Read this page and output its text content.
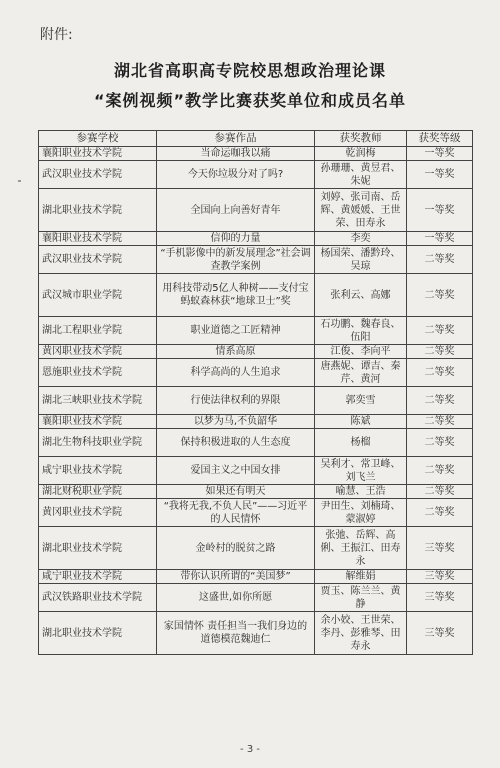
附件:
湖北省高职高专院校思想政治理论课
“案例视频”教学比赛获奖单位和成员名单
参赛学校	参赛作品	获奖教师	获奖等级
襄阳职业技术学院	当命运咖我以痛	乾润梅	一等奖
武汉职业技术学院	今天你垃圾分对了吗?	孙珊珊、黄昱君、朱妮	一等奖
湖北职业技术学院	全国向上向善好青年	刘婷、张司南、岳辉、黄媛媛、王世荣、田寿永	一等奖
襄阳职业技术学院	信仰的力量	李奕	一等奖
武汉职业技术学院	“手机影像中的新发展理念”社会调查教学案例	杨国荣、潘黔玲、吴琼	二等奖
武汉城市职业学院	用科技带动5亿人种树——支付宝蚂蚁森林获“地球卫士”奖	张利云、高娜	二等奖
湖北工程职业学院	职业道德之工匠精神	石功鹏、魏春良、伍阳	二等奖
黄冈职业技术学院	情系高原	江俊、李向平	二等奖
恩施职业技术学院	科学高尚的人生追求	唐燕妮、谭吉、秦芹、黄河	二等奖
湖北三峡职业技术学院	行使法律权利的界限	郭奕雪	二等奖
襄阳职业技术学院	以梦为马,不负韶华	陈斌	二等奖
湖北生物科技职业学院	保持积极进取的人生态度	杨榴	二等奖
咸宁职业技术学院	爱国主义之中国女排	吴利才、常卫峰、刘飞兰	二等奖
湖北财税职业学院	如果还有明天	喻慧、王浩	二等奖
黄冈职业技术学院	“我将无我,不负人民”——习近平的人民情怀	尹田生、刘楠琦、蒙淑婷	二等奖
湖北职业技术学院	金岭村的脱贫之路	张弛、岳辉、高俐、王振江、田寿永	三等奖
咸宁职业技术学院	带你认识所谓的“美国梦”	解维娟	三等奖
武汉铁路职业技术学院	这盛世,如你所愿	贾玉、陈兰兰、黄静	三等奖
湖北职业技术学院	家国情怀 责任担当一我们身边的道德模范魏迪仁	余小姣、王世荣、李丹、彭雅琴、田寿永	三等奖
- 3 -
